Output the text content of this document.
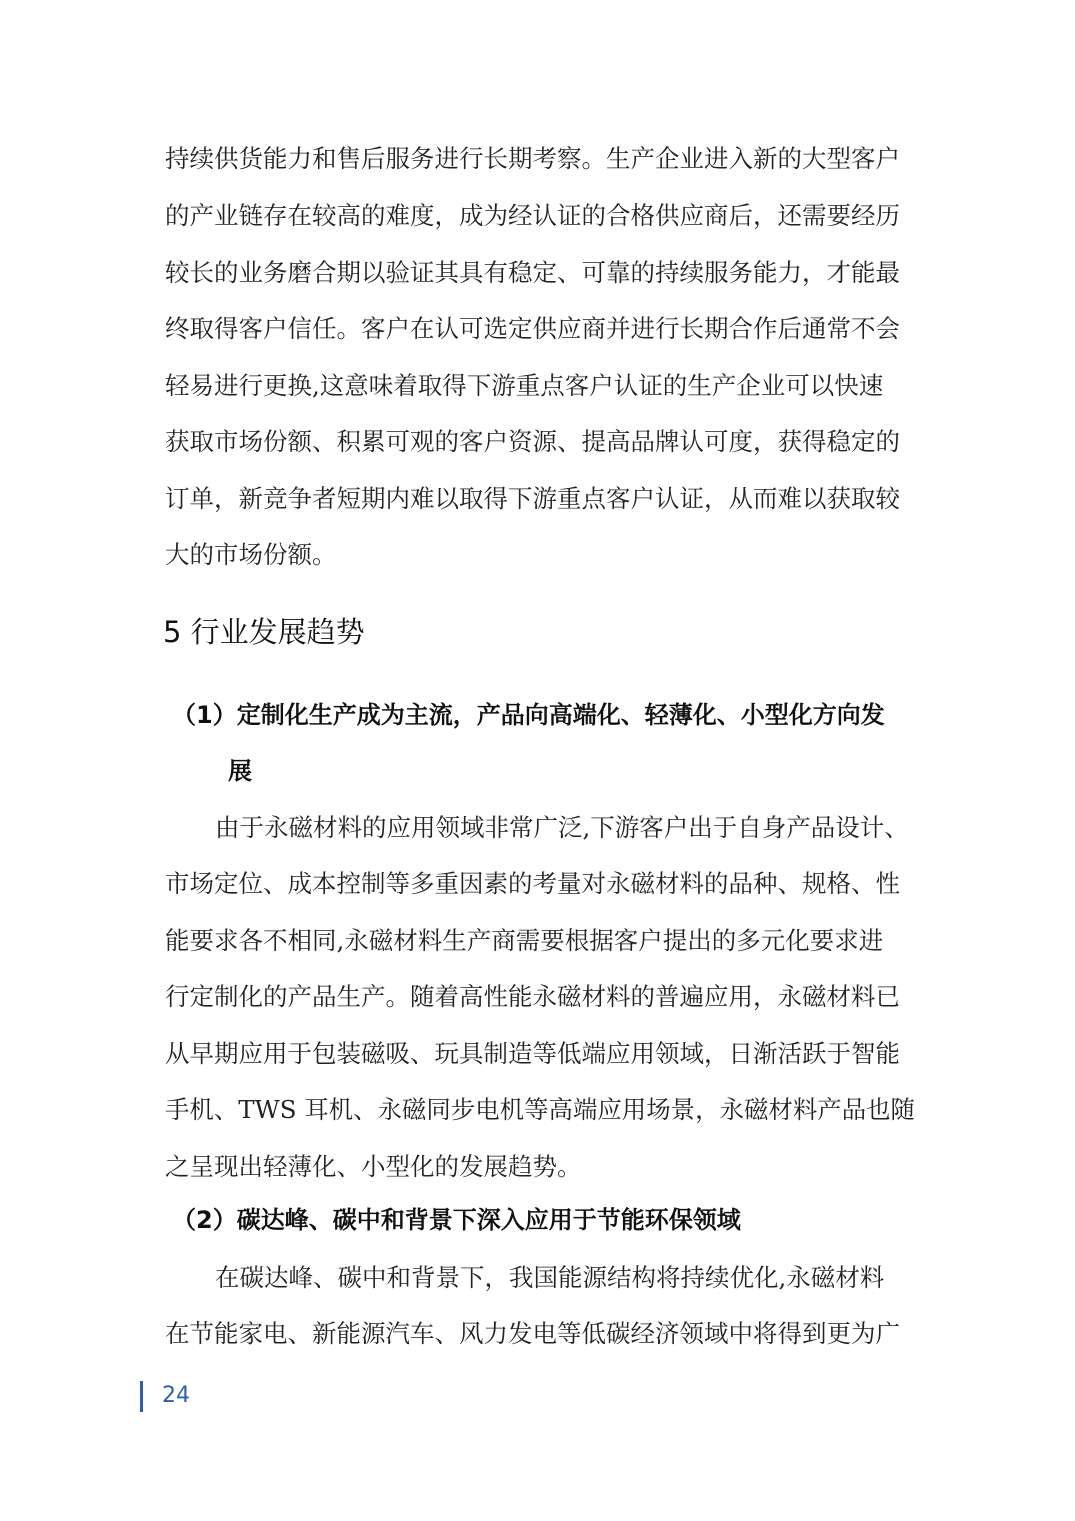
持续供货能力和售后服务进行长期考察。生产企业进入新的大型客户
的产业链存在较高的难度，成为经认证的合格供应商后，还需要经历
较长的业务磨合期以验证其具有稳定、可靠的持续服务能力，才能最
终取得客户信任。客户在认可选定供应商并进行长期合作后通常不会
轻易进行更换,这意味着取得下游重点客户认证的生产企业可以快速
获取市场份额、积累可观的客户资源、提高品牌认可度，获得稳定的
订单，新竞争者短期内难以取得下游重点客户认证，从而难以获取较
大的市场份额。
5 行业发展趋势
（1）定制化生产成为主流，产品向高端化、轻薄化、小型化方向发
展
由于永磁材料的应用领域非常广泛,下游客户出于自身产品设计、
市场定位、成本控制等多重因素的考量对永磁材料的品种、规格、性
能要求各不相同,永磁材料生产商需要根据客户提出的多元化要求进
行定制化的产品生产。随着高性能永磁材料的普遍应用，永磁材料已
从早期应用于包装磁吸、玩具制造等低端应用领域，日渐活跃于智能
手机、TWS 耳机、永磁同步电机等高端应用场景，永磁材料产品也随
之呈现出轻薄化、小型化的发展趋势。
（2）碳达峰、碳中和背景下深入应用于节能环保领域
在碳达峰、碳中和背景下，我国能源结构将持续优化,永磁材料
在节能家电、新能源汽车、风力发电等低碳经济领域中将得到更为广
24
